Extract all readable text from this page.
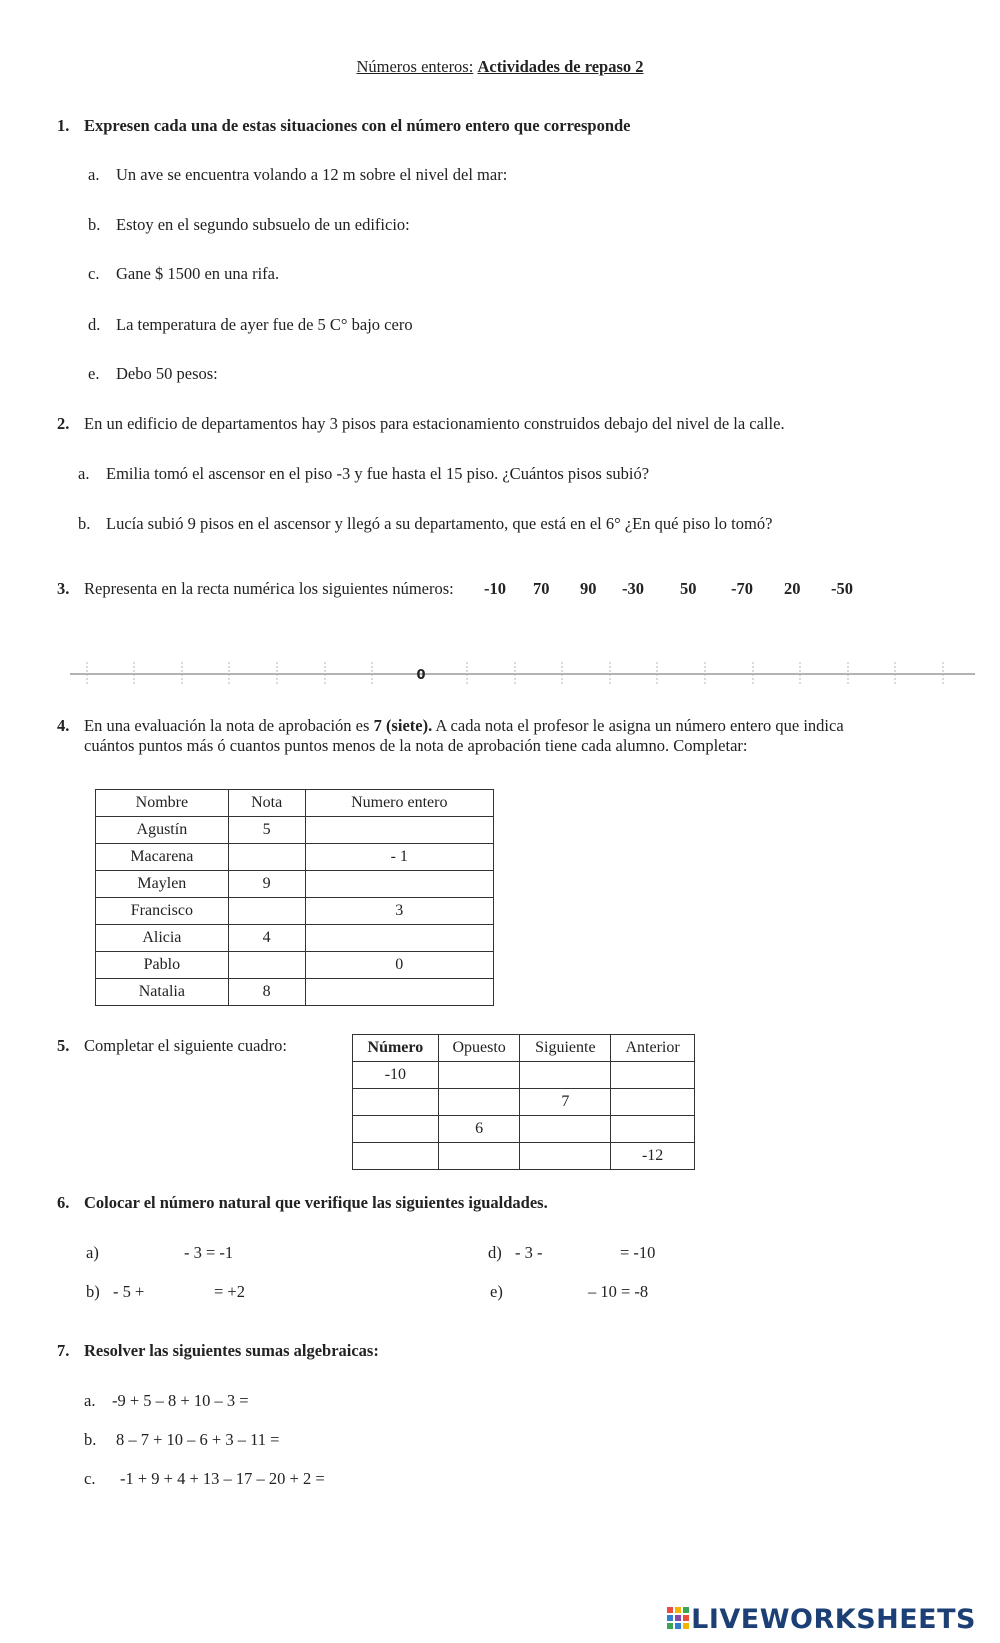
Números enteros: Actividades de repaso 2
1. Expresen cada una de estas situaciones con el número entero que corresponde
a. Un ave se encuentra volando a 12 m sobre el nivel del mar:
b. Estoy en el segundo subsuelo de un edificio:
c. Gane $ 1500 en una rifa.
d. La temperatura de ayer fue de 5 C° bajo cero
e. Debo 50 pesos:
2. En un edificio de departamentos hay 3 pisos para estacionamiento construidos debajo del nivel de la calle.
a. Emilia tomó el ascensor en el piso -3 y fue hasta el 15 piso. ¿Cuántos pisos subió?
b. Lucía subió 9 pisos en el ascensor y llegó a su departamento, que está en el 6° ¿En qué piso lo tomó?
3. Representa en la recta numérica los siguientes números: -10 70 90 -30 50 -70 20 -50
0
4. En una evaluación la nota de aprobación es 7 (siete). A cada nota el profesor le asigna un número entero que indica
cuántos puntos más ó cuantos puntos menos de la nota de aprobación tiene cada alumno. Completar:
Nombre	Nota	Numero entero
Agustín	5	
Macarena		- 1
Maylen	9	
Francisco		3
Alicia	4	
Pablo		0
Natalia	8	
5. Completar el siguiente cuadro:	Número	Opuesto	Siguiente	Anterior
-10			
		7	
	6		
			-12
6. Colocar el número natural que verifique las siguientes igualdades.
a)	- 3 = -1
b) - 5 +	= +2
d) - 3 -	= -10
e)	– 10 = -8
7. Resolver las siguientes sumas algebraicas:
a. -9 + 5 – 8 + 10 – 3 =
b. 8 – 7 + 10 – 6 + 3 – 11 =
c. -1 + 9 + 4 + 13 – 17 – 20 + 2 =
LIVEWORKSHEETS
